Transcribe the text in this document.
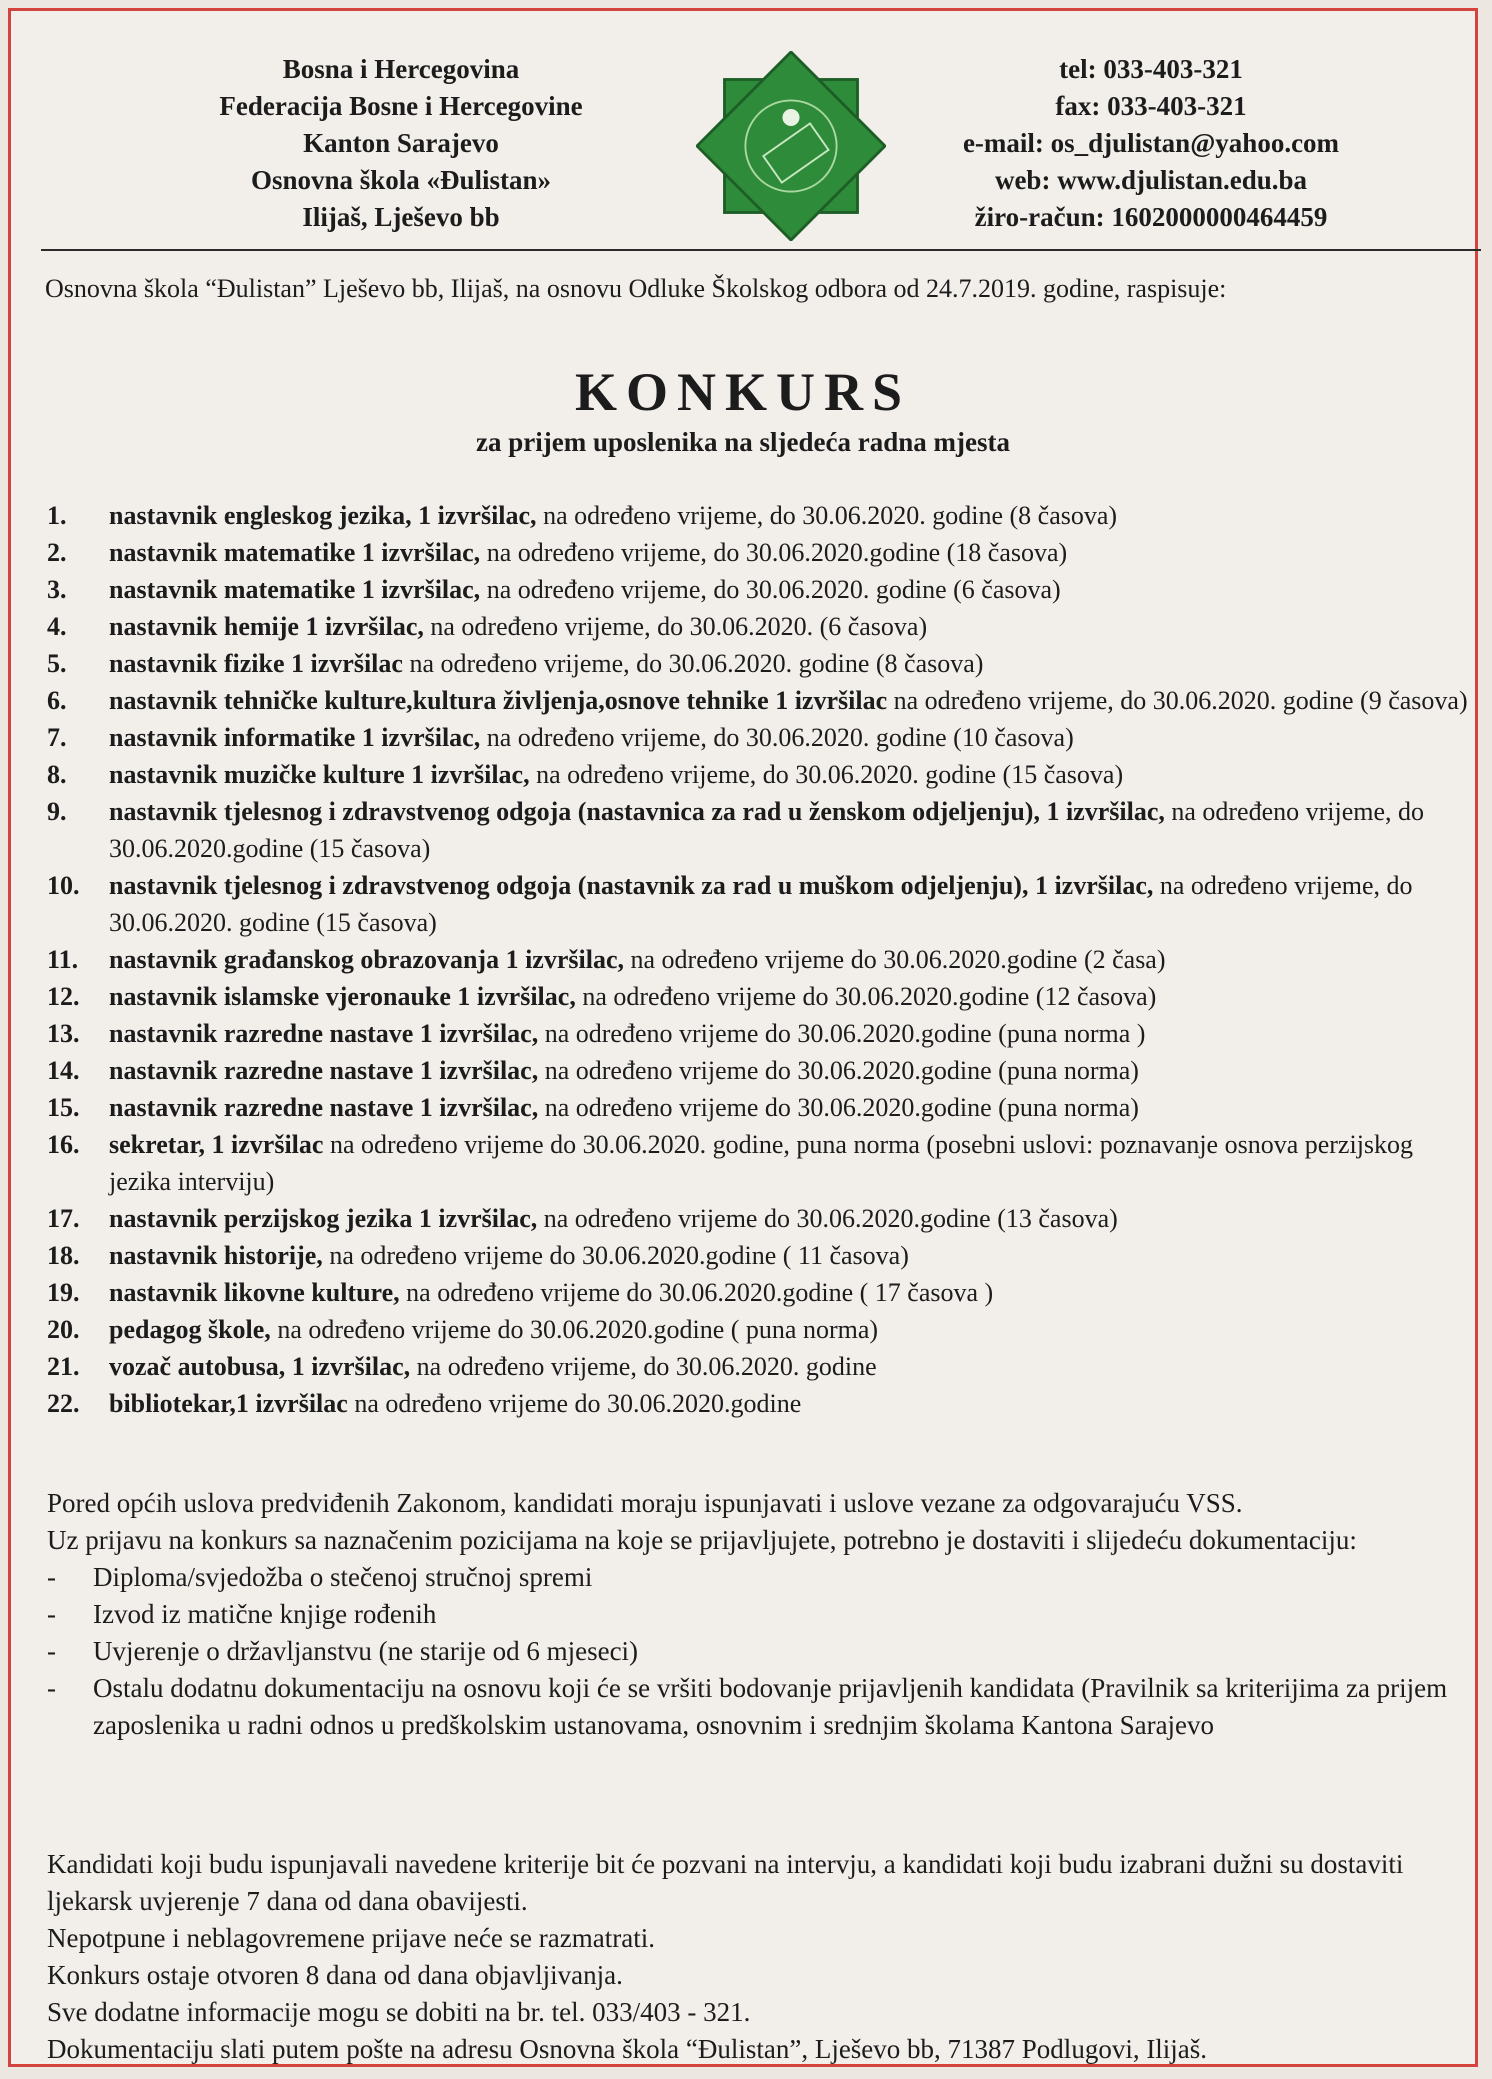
Bosna i Hercegovina
Federacija Bosne i Hercegovine
Kanton Sarajevo
Osnovna škola «Đulistan»
Ilijaš, Lješevo bb
tel: 033-403-321
fax: 033-403-321
e-mail: os_djulistan@yahoo.com
web: www.djulistan.edu.ba
žiro-račun: 1602000000464459
Osnovna škola “Đulistan” Lješevo bb, Ilijaš, na osnovu Odluke Školskog odbora od 24.7.2019. godine, raspisuje:
KONKURS
za prijem uposlenika na sljedeća radna mjesta
1.	nastavnik engleskog jezika, 1 izvršilac, na određeno vrijeme, do 30.06.2020. godine (8 časova)
2.	nastavnik matematike 1 izvršilac, na određeno vrijeme, do 30.06.2020.godine (18 časova)
3.	nastavnik matematike 1 izvršilac, na određeno vrijeme, do 30.06.2020. godine (6 časova)
4.	nastavnik hemije 1 izvršilac, na određeno vrijeme, do 30.06.2020. (6 časova)
5.	nastavnik fizike 1 izvršilac na određeno vrijeme, do 30.06.2020. godine (8 časova)
6.	nastavnik tehničke kulture,kultura življenja,osnove tehnike 1 izvršilac na određeno vrijeme, do 30.06.2020. godine (9 časova)
7.	nastavnik informatike 1 izvršilac, na određeno vrijeme, do 30.06.2020. godine (10 časova)
8.	nastavnik muzičke kulture 1 izvršilac, na određeno vrijeme, do 30.06.2020. godine (15 časova)
9.	nastavnik tjelesnog i zdravstvenog odgoja (nastavnica za rad u ženskom odjeljenju), 1 izvršilac, na određeno vrijeme, do 30.06.2020.godine (15 časova)
10.	nastavnik tjelesnog i zdravstvenog odgoja (nastavnik za rad u muškom odjeljenju), 1 izvršilac, na određeno vrijeme, do 30.06.2020. godine (15 časova)
11.	nastavnik građanskog obrazovanja 1 izvršilac, na određeno vrijeme do 30.06.2020.godine (2 časa)
12.	nastavnik islamske vjeronauke 1 izvršilac, na određeno vrijeme do 30.06.2020.godine (12 časova)
13.	nastavnik razredne nastave 1 izvršilac, na određeno vrijeme do 30.06.2020.godine (puna norma )
14.	nastavnik razredne nastave 1 izvršilac, na određeno vrijeme do 30.06.2020.godine (puna norma)
15.	nastavnik razredne nastave 1 izvršilac, na određeno vrijeme do 30.06.2020.godine (puna norma)
16.	sekretar, 1 izvršilac na određeno vrijeme do 30.06.2020. godine, puna norma (posebni uslovi: poznavanje osnova perzijskog jezika interviju)
17.	nastavnik perzijskog jezika 1 izvršilac, na određeno vrijeme do 30.06.2020.godine (13 časova)
18.	nastavnik historije, na određeno vrijeme do 30.06.2020.godine ( 11 časova)
19.	nastavnik likovne kulture, na određeno vrijeme do 30.06.2020.godine ( 17 časova )
20.	pedagog škole, na određeno vrijeme do 30.06.2020.godine ( puna norma)
21.	vozač autobusa, 1 izvršilac, na određeno vrijeme, do 30.06.2020. godine
22.	bibliotekar,1 izvršilac na određeno vrijeme do 30.06.2020.godine

Pored općih uslova predviđenih Zakonom, kandidati moraju ispunjavati i uslove vezane za odgovarajuću VSS.

Uz prijavu na konkurs sa naznačenim pozicijama na koje se prijavljujete, potrebno je dostaviti i slijedeću dokumentaciju:

- Diploma/svjedožba o stečenoj stručnoj spremi
- Izvod iz matične knjige rođenih
- Uvjerenje o državljanstvu (ne starije od 6 mjeseci)
- Ostalu dodatnu dokumentaciju na osnovu koji će se vršiti bodovanje prijavljenih kandidata (Pravilnik sa kriterijima za prijem zaposlenika u radni odnos u predškolskim ustanovama, osnovnim i srednjim školama Kantona Sarajevo

Kandidati koji budu ispunjavali navedene kriterije bit će pozvani na intervju, a kandidati koji budu izabrani dužni su dostaviti ljekarsk uvjerenje 7 dana od dana obavijesti.

Nepotpune i neblagovremene prijave neće se razmatrati.

Konkurs ostaje otvoren 8 dana od dana objavljivanja.

Sve dodatne informacije mogu se dobiti na br. tel. 033/403 - 321.

Dokumentaciju slati putem pošte na adresu Osnovna škola “Đulistan”, Lješevo bb, 71387 Podlugovi, Ilijaš.
